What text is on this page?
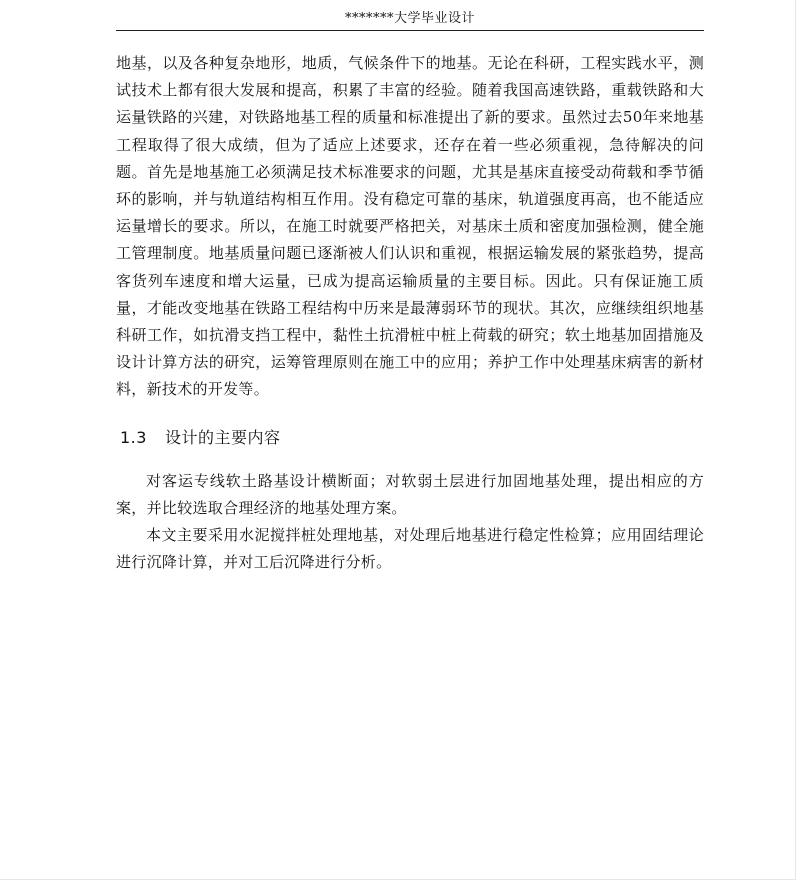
*******大学毕业设计

地基，以及各种复杂地形，地质，气候条件下的地基。无论在科研，工程实践水平，测试技术上都有很大发展和提高，积累了丰富的经验。随着我国高速铁路，重载铁路和大运量铁路的兴建，对铁路地基工程的质量和标准提出了新的要求。虽然过去50年来地基工程取得了很大成绩，但为了适应上述要求，还存在着一些必须重视，急待解决的问题。首先是地基施工必须满足技术标准要求的问题，尤其是基床直接受动荷载和季节循环的影响，并与轨道结构相互作用。没有稳定可靠的基床，轨道强度再高，也不能适应运量增长的要求。所以，在施工时就要严格把关，对基床土质和密度加强检测，健全施工管理制度。地基质量问题已逐渐被人们认识和重视，根据运输发展的紧张趋势，提高客货列车速度和增大运量，已成为提高运输质量的主要目标。因此。只有保证施工质量，才能改变地基在铁路工程结构中历来是最薄弱环节的现状。其次，应继续组织地基科研工作，如抗滑支挡工程中，黏性土抗滑桩中桩上荷载的研究；软土地基加固措施及设计计算方法的研究，运筹管理原则在施工中的应用；养护工作中处理基床病害的新材料，新技术的开发等。

1.3 设计的主要内容

对客运专线软土路基设计横断面；对软弱土层进行加固地基处理，提出相应的方案，并比较选取合理经济的地基处理方案。

本文主要采用水泥搅拌桩处理地基，对处理后地基进行稳定性检算；应用固结理论进行沉降计算，并对工后沉降进行分析。
